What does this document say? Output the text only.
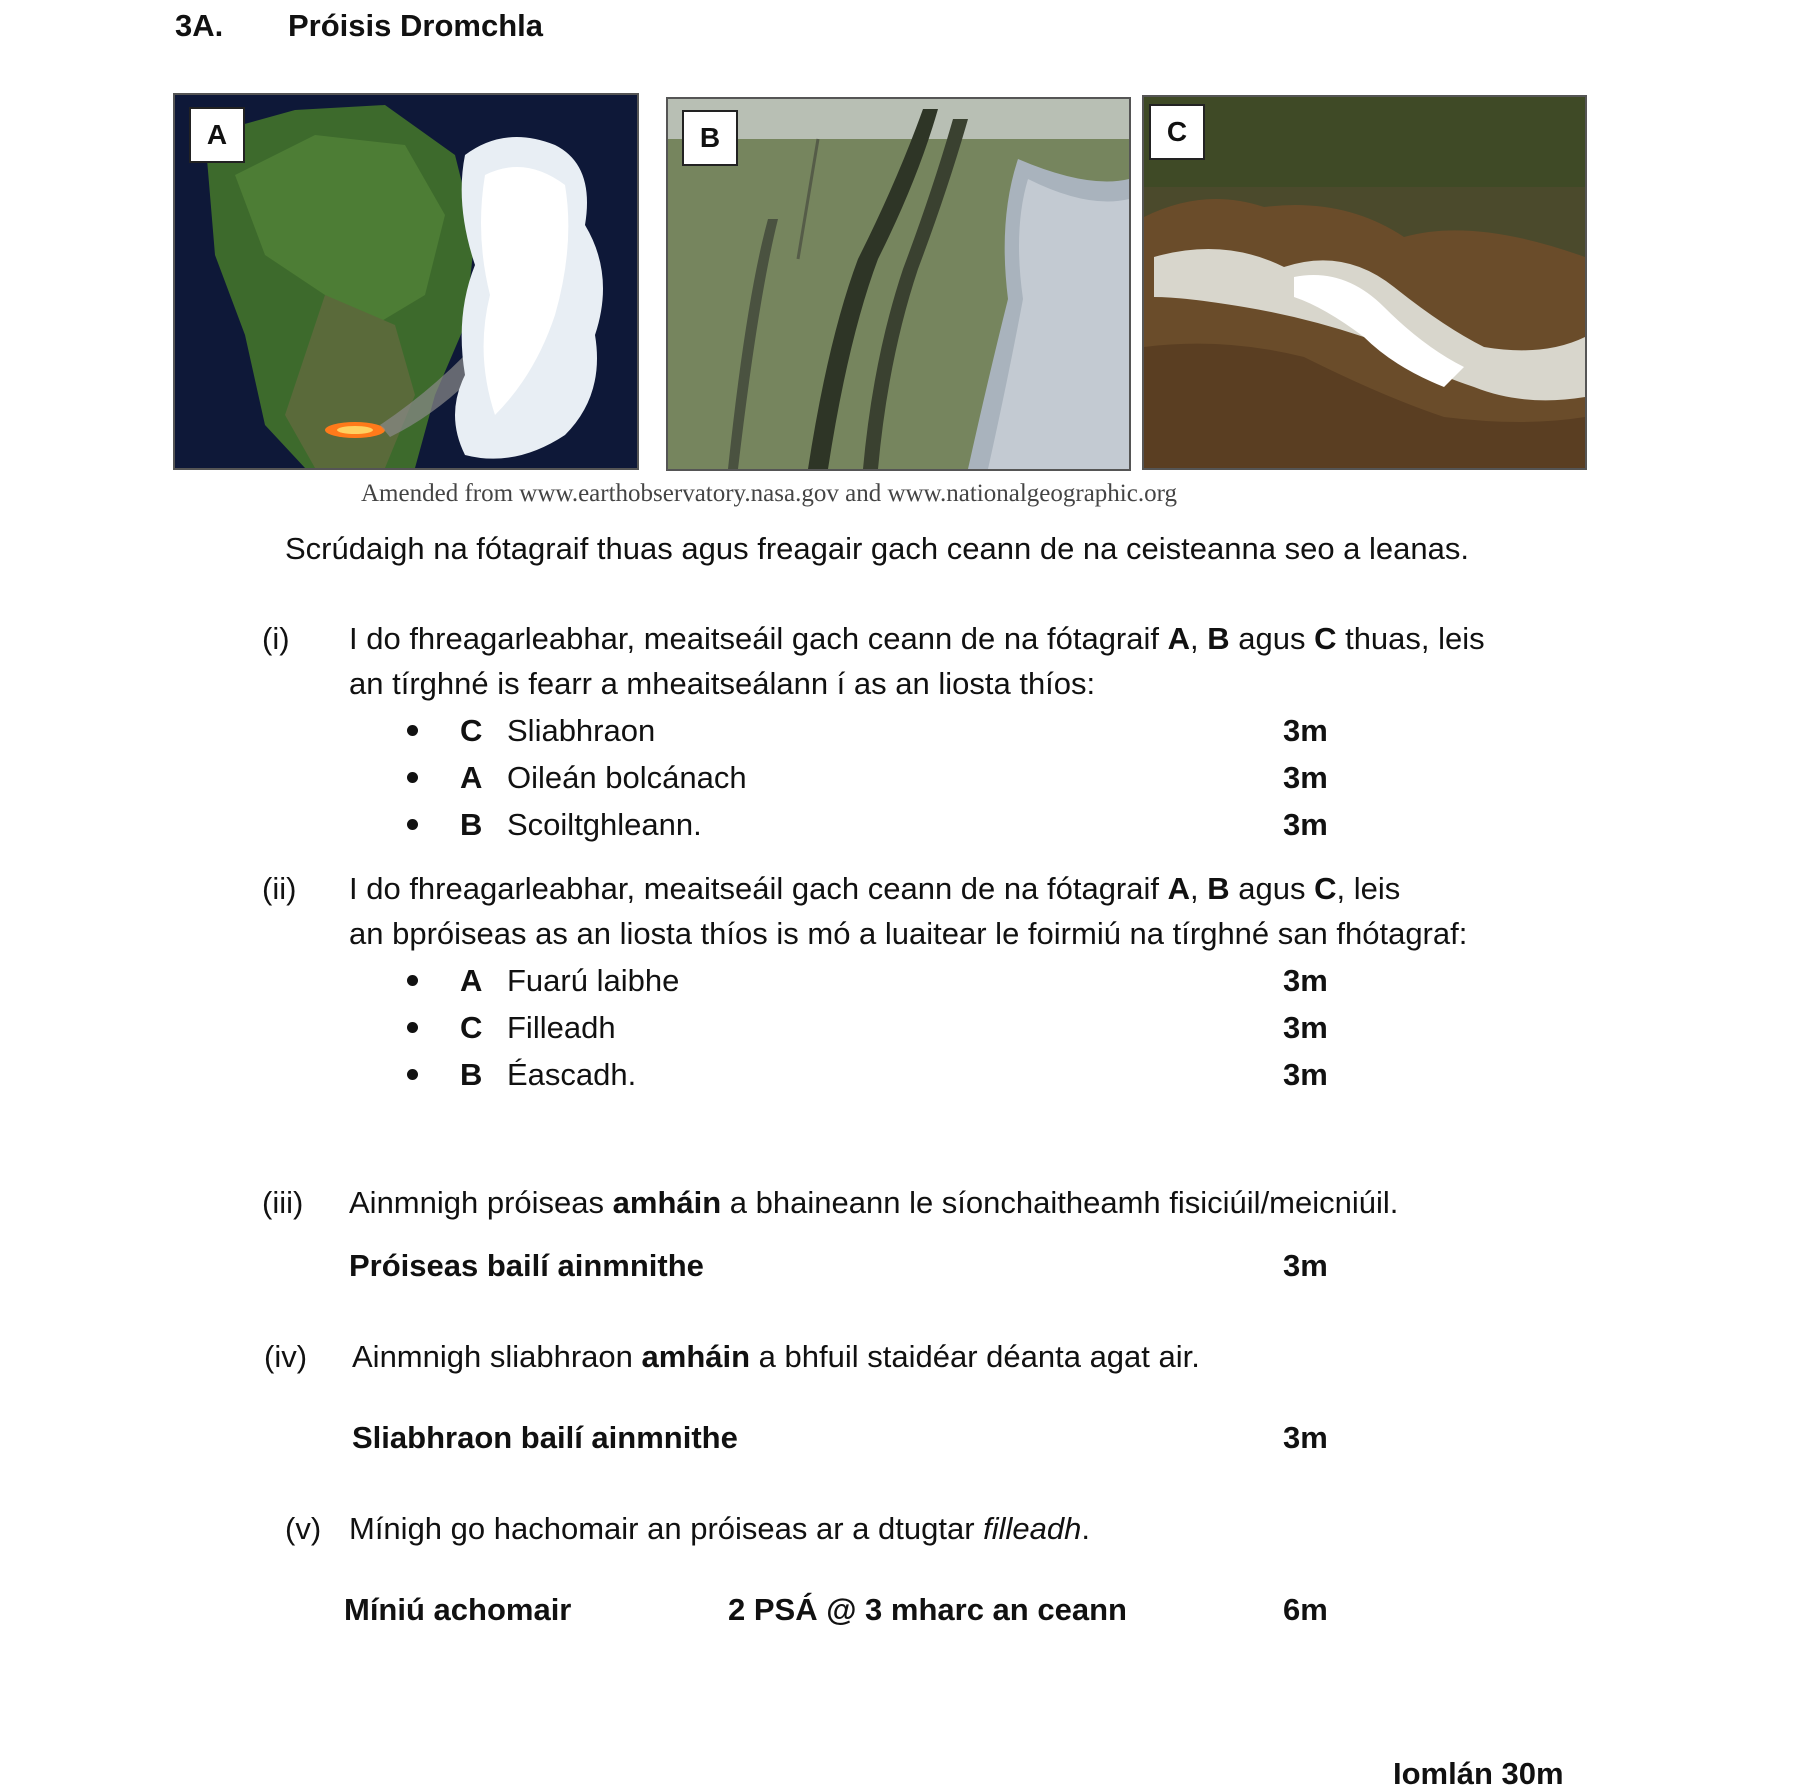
3A. Próisis Dromchla
A	B	C
Amended from www.earthobservatory.nasa.gov and www.nationalgeographic.org
Scrúdaigh na fótagraif thuas agus freagair gach ceann de na ceisteanna seo a leanas.
(i) I do fhreagarleabhar, meaitseáil gach ceann de na fótagraif A, B agus C thuas, leis
an tírghné is fearr a mheaitseálann í as an liosta thíos:
C Sliabhraon	3m
A Oileán bolcánach	3m
B Scoiltghleann.	3m
(ii) I do fhreagarleabhar, meaitseáil gach ceann de na fótagraif A, B agus C, leis
an bpróiseas as an liosta thíos is mó a luaitear le foirmiú na tírghné san fhótagraf:
A Fuarú laibhe	3m
C Filleadh	3m
B Éascadh.	3m
(iii) Ainmnigh próiseas amháin a bhaineann le síonchaitheamh fisiciúil/meicniúil.
Próiseas bailí ainmnithe	3m
(iv) Ainmnigh sliabhraon amháin a bhfuil staidéar déanta agat air.
Sliabhraon bailí ainmnithe	3m
(v) Mínigh go hachomair an próiseas ar a dtugtar filleadh.
Míniú achomair	2 PSÁ @ 3 mharc an ceann	6m
Iomlán 30m
